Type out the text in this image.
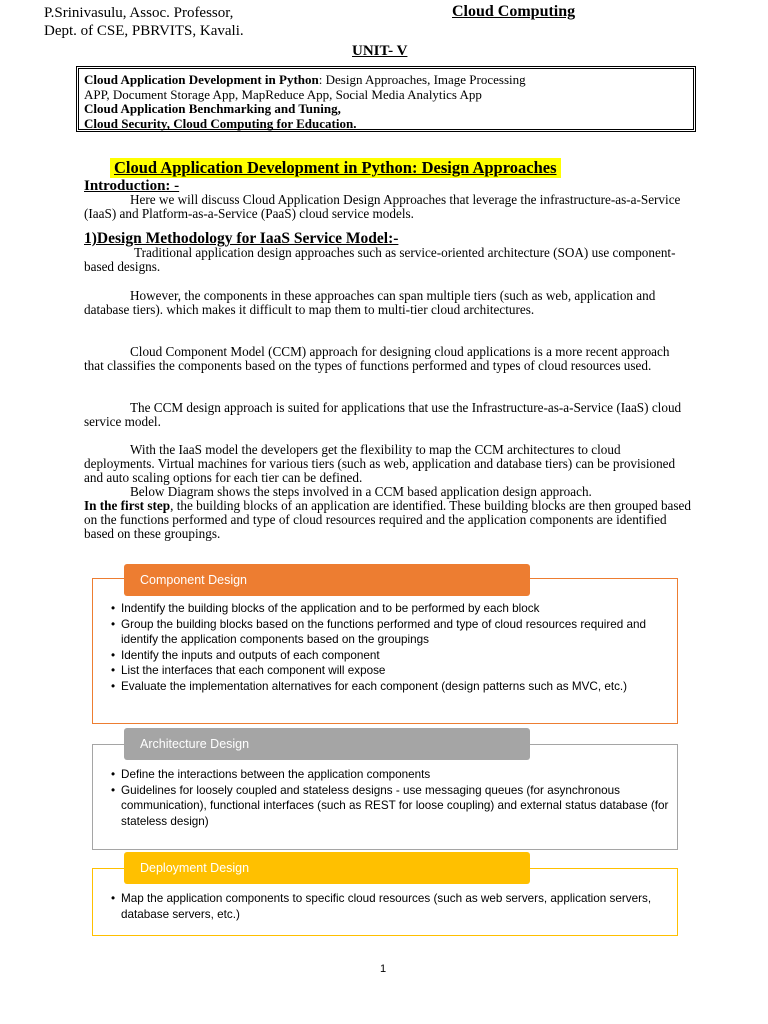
P.Srinivasulu, Assoc. Professor,
Dept. of CSE, PBRVITS, Kavali.
Cloud Computing
UNIT- V
Cloud Application Development in Python: Design Approaches, Image Processing
APP, Document Storage App, MapReduce App, Social Media Analytics App
Cloud Application Benchmarking and Tuning,
Cloud Security, Cloud Computing for Education.
Cloud Application Development in Python: Design Approaches
Introduction: -
Here we will discuss Cloud Application Design Approaches that leverage the infrastructure-as-a-Service (IaaS) and Platform-as-a-Service (PaaS) cloud service models.
1)Design Methodology for IaaS Service Model:-
Traditional application design approaches such as service-oriented architecture (SOA) use component-based designs.
However, the components in these approaches can span multiple tiers (such as web, application and database tiers). which makes it difficult to map them to multi-tier cloud architectures.
Cloud Component Model (CCM) approach for designing cloud applications is a more recent approach that classifies the components based on the types of functions performed and types of cloud resources used.
The CCM design approach is suited for applications that use the Infrastructure-as-a-Service (IaaS) cloud service model.
With the IaaS model the developers get the flexibility to map the CCM architectures to cloud deployments. Virtual machines for various tiers (such as web, application and database tiers) can be provisioned and auto scaling options for each tier can be defined.
Below Diagram shows the steps involved in a CCM based application design approach.
In the first step, the building blocks of an application are identified. These building blocks are then grouped based on the functions performed and type of cloud resources required and the application components are identified based on these groupings.
• Indentify the building blocks of the application and to be performed by each block
• Group the building blocks based on the functions performed and type of cloud resources required and identify the application components based on the groupings
• Identify the inputs and outputs of each component
• List the interfaces that each component will expose
• Evaluate the implementation alternatives for each component (design patterns such as MVC, etc.)
Component Design
• Define the interactions between the application components
• Guidelines for loosely coupled and stateless designs - use messaging queues (for asynchronous communication), functional interfaces (such as REST for loose coupling) and external status database (for stateless design)
Architecture Design
• Map the application components to specific cloud resources (such as web servers, application servers, database servers, etc.)
Deployment Design
1
